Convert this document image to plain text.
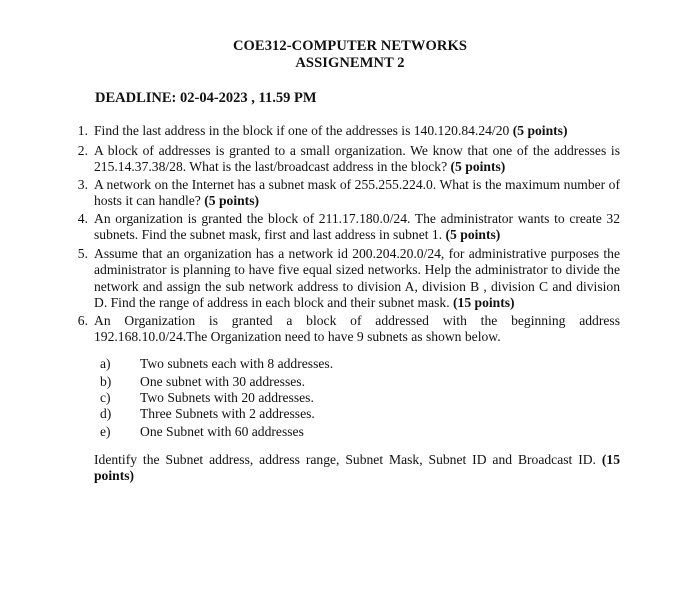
COE312-COMPUTER NETWORKS
ASSIGNEMNT 2
DEADLINE: 02-04-2023 , 11.59 PM
1. Find the last address in the block if one of the addresses is 140.120.84.24/20 (5 points)
2. A block of addresses is granted to a small organization. We know that one of the addresses is 215.14.37.38/28. What is the last/broadcast address in the block? (5 points)
3. A network on the Internet has a subnet mask of 255.255.224.0. What is the maximum number of hosts it can handle? (5 points)
4. An organization is granted the block of 211.17.180.0/24. The administrator wants to create 32 subnets. Find the subnet mask, first and last address in subnet 1. (5 points)
5. Assume that an organization has a network id 200.204.20.0/24, for administrative purposes the administrator is planning to have five equal sized networks. Help the administrator to divide the network and assign the sub network address to division A, division B , division C and division D. Find the range of address in each block and their subnet mask. (15 points)
6. An Organization is granted a block of addressed with the beginning address 192.168.10.0/24.The Organization need to have 9 subnets as shown below.
a) Two subnets each with 8 addresses.
b) One subnet with 30 addresses.
c) Two Subnets with 20 addresses.
d) Three Subnets with 2 addresses.
e) One Subnet with 60 addresses
Identify the Subnet address, address range, Subnet Mask, Subnet ID and Broadcast ID. (15 points)
